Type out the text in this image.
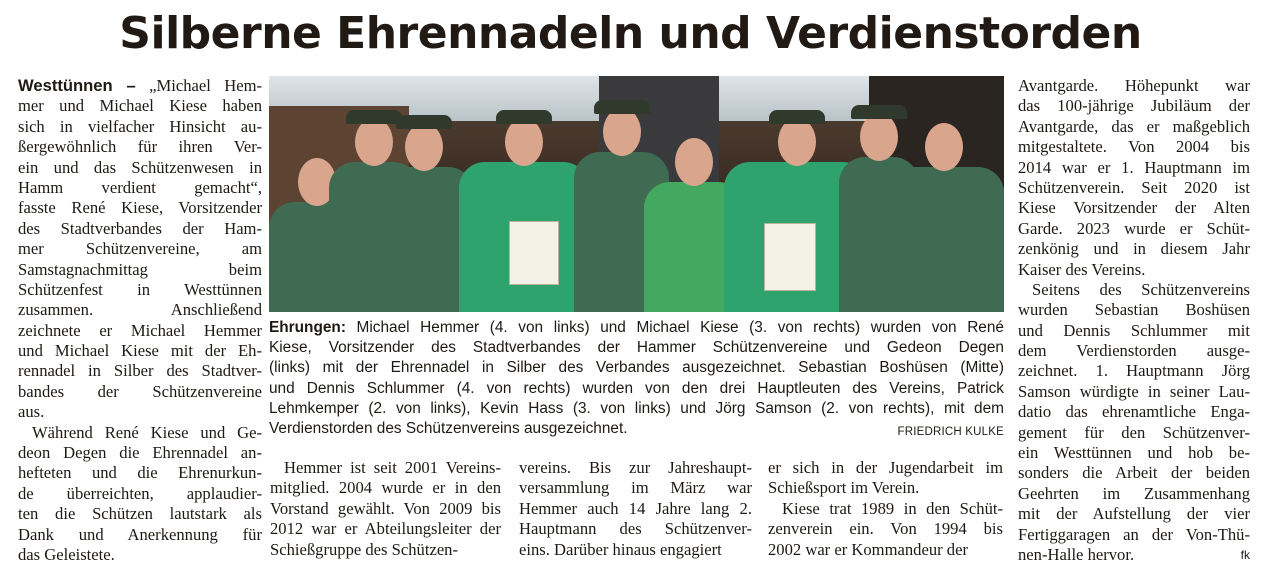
Silberne Ehrennadeln und Verdienstorden
Westtünnen – „Michael Hem-
mer und Michael Kiese haben
sich in vielfacher Hinsicht au-
ßergewöhnlich für ihren Ver-
ein und das Schützenwesen in
Hamm verdient gemacht“,
fasste René Kiese, Vorsitzender
des Stadtverbandes der Ham-
mer Schützenvereine, am
Samstagnachmittag beim
Schützenfest in Westtünnen
zusammen. Anschließend
zeichnete er Michael Hemmer
und Michael Kiese mit der Eh-
rennadel in Silber des Stadtver-
bandes der Schützenvereine
aus.
Während René Kiese und Ge-
deon Degen die Ehrennadel an-
hefteten und die Ehrenurkun-
de überreichten, applaudier-
ten die Schützen lautstark als
Dank und Anerkennung für
das Geleistete.
Ehrungen: Michael Hemmer (4. von links) und Michael Kiese (3. von rechts) wurden von René
Kiese, Vorsitzender des Stadtverbandes der Hammer Schützenvereine und Gedeon Degen
(links) mit der Ehrennadel in Silber des Verbandes ausgezeichnet. Sebastian Boshüsen (Mitte)
und Dennis Schlummer (4. von rechts) wurden von den drei Hauptleuten des Vereins, Patrick
Lehmkemper (2. von links), Kevin Hass (3. von links) und Jörg Samson (2. von rechts), mit dem
Verdienstorden des Schützenvereins ausgezeichnet.	FRIEDRICH KULKE
Hemmer ist seit 2001 Vereins-
mitglied. 2004 wurde er in den
Vorstand gewählt. Von 2009 bis
2012 war er Abteilungsleiter der
Schießgruppe des Schützen-
vereins. Bis zur Jahreshaupt-
versammlung im März war
Hemmer auch 14 Jahre lang 2.
Hauptmann des Schützenver-
eins. Darüber hinaus engagiert
er sich in der Jugendarbeit im
Schießsport im Verein.
Kiese trat 1989 in den Schüt-
zenverein ein. Von 1994 bis
2002 war er Kommandeur der
Avantgarde. Höhepunkt war
das 100-jährige Jubiläum der
Avantgarde, das er maßgeblich
mitgestaltete. Von 2004 bis
2014 war er 1. Hauptmann im
Schützenverein. Seit 2020 ist
Kiese Vorsitzender der Alten
Garde. 2023 wurde er Schüt-
zenkönig und in diesem Jahr
Kaiser des Vereins.
Seitens des Schützenvereins
wurden Sebastian Boshüsen
und Dennis Schlummer mit
dem Verdienstorden ausge-
zeichnet. 1. Hauptmann Jörg
Samson würdigte in seiner Lau-
datio das ehrenamtliche Enga-
gement für den Schützenver-
ein Westtünnen und hob be-
sonders die Arbeit der beiden
Geehrten im Zusammenhang
mit der Aufstellung der vier
Fertiggaragen an der Von-Thü-
nen-Halle hervor.	fk
